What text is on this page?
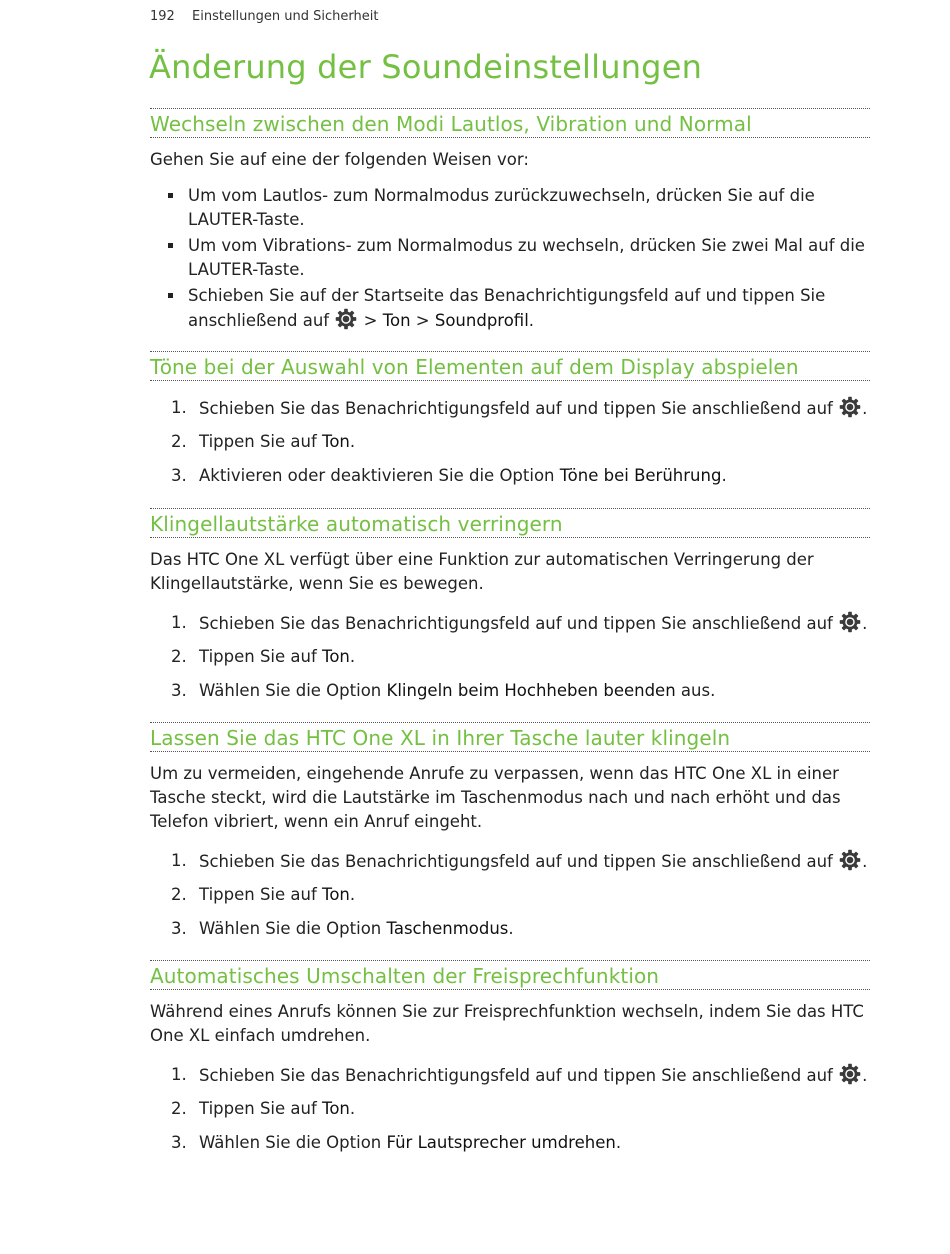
192 Einstellungen und Sicherheit
Änderung der Soundeinstellungen
Wechseln zwischen den Modi Lautlos, Vibration und Normal

Gehen Sie auf eine der folgenden Weisen vor:

Um vom Lautlos- zum Normalmodus zurückzuwechseln, drücken Sie auf die LAUTER-Taste.
Um vom Vibrations- zum Normalmodus zu wechseln, drücken Sie zwei Mal auf die LAUTER-Taste.
Schieben Sie auf der Startseite das Benachrichtigungsfeld auf und tippen Sie anschließend auf > Ton > Soundprofil.
Töne bei der Auswahl von Elementen auf dem Display abspielen
1. Schieben Sie das Benachrichtigungsfeld auf und tippen Sie anschließend auf .
2. Tippen Sie auf Ton.
3. Aktivieren oder deaktivieren Sie die Option Töne bei Berührung.
Klingellautstärke automatisch verringern

Das HTC One XL verfügt über eine Funktion zur automatischen Verringerung der Klingellautstärke, wenn Sie es bewegen.

1. Schieben Sie das Benachrichtigungsfeld auf und tippen Sie anschließend auf .
2. Tippen Sie auf Ton.
3. Wählen Sie die Option Klingeln beim Hochheben beenden aus.
Lassen Sie das HTC One XL in Ihrer Tasche lauter klingeln

Um zu vermeiden, eingehende Anrufe zu verpassen, wenn das HTC One XL in einer Tasche steckt, wird die Lautstärke im Taschenmodus nach und nach erhöht und das Telefon vibriert, wenn ein Anruf eingeht.

1. Schieben Sie das Benachrichtigungsfeld auf und tippen Sie anschließend auf .
2. Tippen Sie auf Ton.
3. Wählen Sie die Option Taschenmodus.
Automatisches Umschalten der Freisprechfunktion

Während eines Anrufs können Sie zur Freisprechfunktion wechseln, indem Sie das HTC One XL einfach umdrehen.

1. Schieben Sie das Benachrichtigungsfeld auf und tippen Sie anschließend auf .
2. Tippen Sie auf Ton.
3. Wählen Sie die Option Für Lautsprecher umdrehen.
